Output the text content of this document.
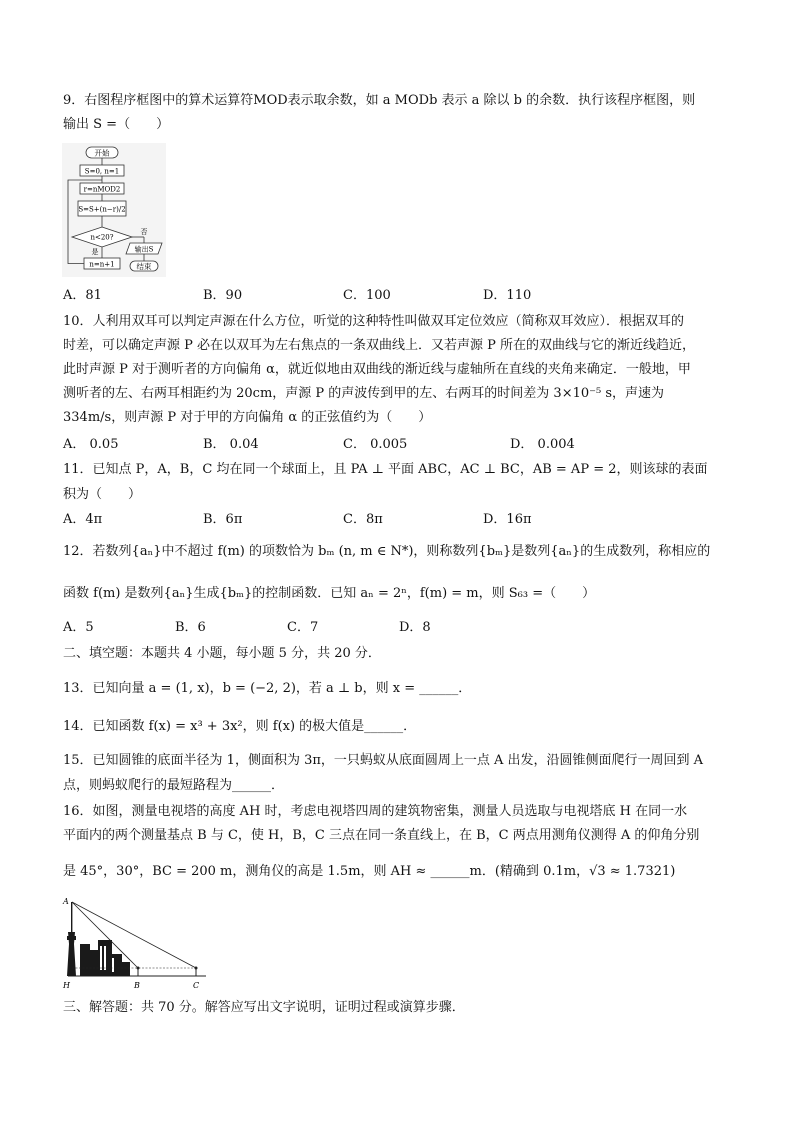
9．右图程序框图中的算术运算符MOD表示取余数，如 a MODb 表示 a 除以 b 的余数．执行该程序框图，则
输出 S =（　　）
开始
S=0, n=1
r=nMOD2
S=S+(n−r)/2
n<20?
否
输出S
结束
是
n=n+1
A．81	B．90	C．100	D．110
10．人利用双耳可以判定声源在什么方位，听觉的这种特性叫做双耳定位效应（简称双耳效应）．根据双耳的
时差，可以确定声源 P 必在以双耳为左右焦点的一条双曲线上．又若声源 P 所在的双曲线与它的渐近线趋近，
此时声源 P 对于测听者的方向偏角 α，就近似地由双曲线的渐近线与虚轴所在直线的夹角来确定．一般地，甲
测听者的左、右两耳相距约为 20cm，声源 P 的声波传到甲的左、右两耳的时间差为 3×10⁻⁵ s，声速为
334m/s，则声源 P 对于甲的方向偏角 α 的正弦值约为（　　）
A． 0.05	B． 0.04	C． 0.005	D． 0.004
11．已知点 P，A，B，C 均在同一个球面上，且 PA ⊥ 平面 ABC，AC ⊥ BC，AB = AP = 2，则该球的表面
积为（　　）
A．4π	B．6π	C．8π	D．16π
12．若数列{aₙ}中不超过 f(m) 的项数恰为 bₘ (n, m ∈ N*)，则称数列{bₘ}是数列{aₙ}的生成数列，称相应的
函数 f(m) 是数列{aₙ}生成{bₘ}的控制函数．已知 aₙ = 2ⁿ，f(m) = m，则 S₆₃ =（　　）
A．5	B．6	C．7	D．8
二、填空题：本题共 4 小题，每小题 5 分，共 20 分．
13．已知向量 a = (1, x)，b = (−2, 2)，若 a ⊥ b，则 x = ______．
14．已知函数 f(x) = x³ + 3x²，则 f(x) 的极大值是______．
15．已知圆锥的底面半径为 1，侧面积为 3π，一只蚂蚁从底面圆周上一点 A 出发，沿圆锥侧面爬行一周回到 A
点，则蚂蚁爬行的最短路程为______．
16．如图，测量电视塔的高度 AH 时，考虑电视塔四周的建筑物密集，测量人员选取与电视塔底 H 在同一水
平面内的两个测量基点 B 与 C，使 H，B，C 三点在同一条直线上，在 B，C 两点用测角仪测得 A 的仰角分别
是 45°，30°，BC = 200 m，测角仪的高是 1.5m，则 AH ≈ ______m．(精确到 0.1m，√3 ≈ 1.7321)
A
H	B	C
三、解答题：共 70 分。解答应写出文字说明，证明过程或演算步骤．
